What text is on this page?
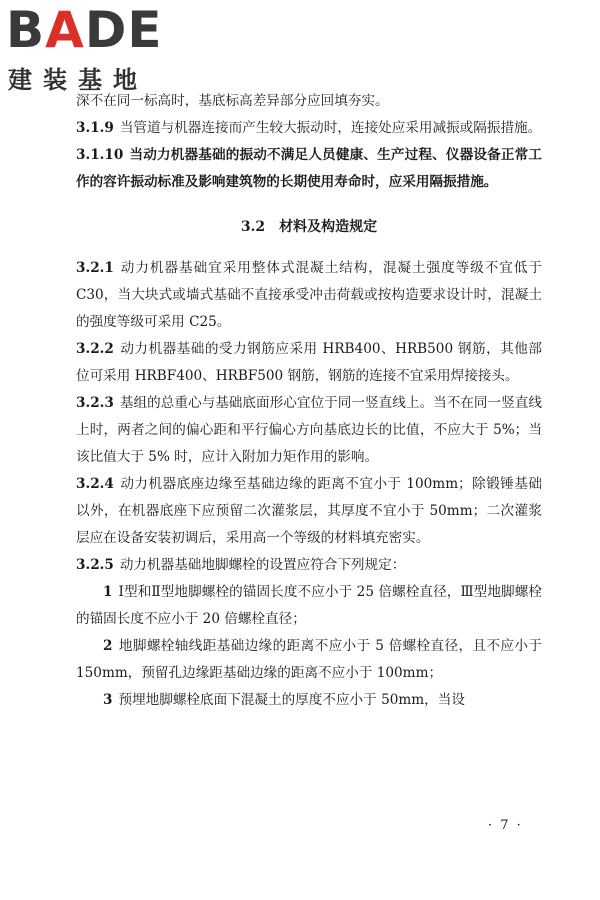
BADE
建装基地

深不在同一标高时，基底标高差异部分应回填夯实。

3.1.9 当管道与机器连接而产生较大振动时，连接处应采用减振或隔振措施。

3.1.10 当动力机器基础的振动不满足人员健康、生产过程、仪器设备正常工作的容许振动标准及影响建筑物的长期使用寿命时，应采用隔振措施。

3.2 材料及构造规定

3.2.1 动力机器基础宜采用整体式混凝土结构，混凝土强度等级不宜低于 C30，当大块式或墙式基础不直接承受冲击荷载或按构造要求设计时，混凝土的强度等级可采用 C25。

3.2.2 动力机器基础的受力钢筋应采用 HRB400、HRB500 钢筋，其他部位可采用 HRBF400、HRBF500 钢筋，钢筋的连接不宜采用焊接接头。

3.2.3 基组的总重心与基础底面形心宜位于同一竖直线上。当不在同一竖直线上时，两者之间的偏心距和平行偏心方向基底边长的比值，不应大于 5%；当该比值大于 5% 时，应计入附加力矩作用的影响。

3.2.4 动力机器底座边缘至基础边缘的距离不宜小于 100mm；除锻锤基础以外，在机器底座下应预留二次灌浆层，其厚度不宜小于 50mm；二次灌浆层应在设备安装初调后，采用高一个等级的材料填充密实。

3.2.5 动力机器基础地脚螺栓的设置应符合下列规定：

1 Ⅰ型和Ⅱ型地脚螺栓的锚固长度不应小于 25 倍螺栓直径，Ⅲ型地脚螺栓的锚固长度不应小于 20 倍螺栓直径；

2 地脚螺栓轴线距基础边缘的距离不应小于 5 倍螺栓直径，且不应小于 150mm，预留孔边缘距基础边缘的距离不应小于 100mm；

3 预埋地脚螺栓底面下混凝土的厚度不应小于 50mm，当设

· 7 ·
